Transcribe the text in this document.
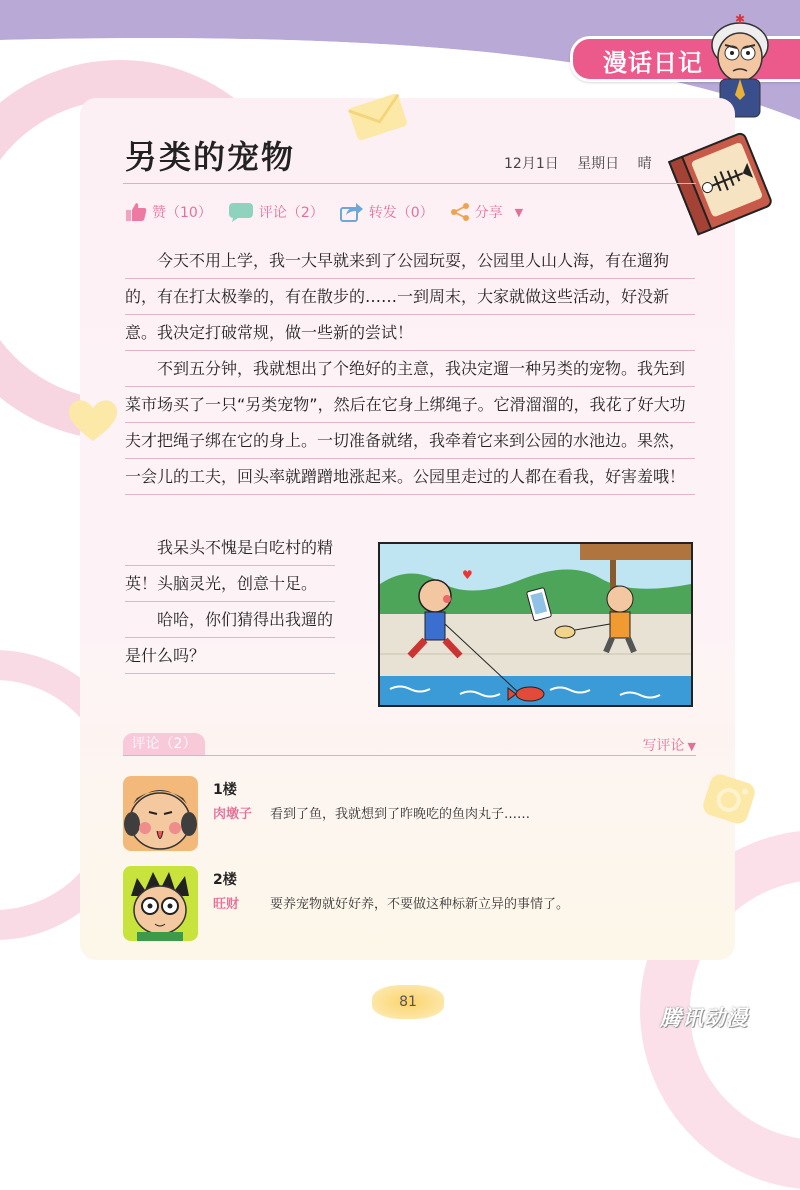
漫话日记
✱
另类的宠物	12月1日 星期日 晴
赞（10）	评论（2）	转发（0）	分享 ▼

今天不用上学，我一大早就来到了公园玩耍，公园里人山人海，有在遛狗的，有在打太极拳的，有在散步的……一到周末，大家就做这些活动，好没新意。我决定打破常规，做一些新的尝试！

不到五分钟，我就想出了个绝好的主意，我决定遛一种另类的宠物。我先到菜市场买了一只“另类宠物”，然后在它身上绑绳子。它滑溜溜的，我花了好大功夫才把绳子绑在它的身上。一切准备就绪，我牵着它来到公园的水池边。果然，一会儿的工夫，回头率就蹭蹭地涨起来。公园里走过的人都在看我，好害羞哦！

我呆头不愧是白吃村的精英！头脑灵光，创意十足。

哈哈，你们猜得出我遛的是什么吗？

♥
评论（2）	写评论 ▼
1楼
肉墩子 看到了鱼，我就想到了昨晚吃的鱼肉丸子……
2楼
旺财 要养宠物就好好养，不要做这种标新立异的事情了。
81
腾讯动漫
